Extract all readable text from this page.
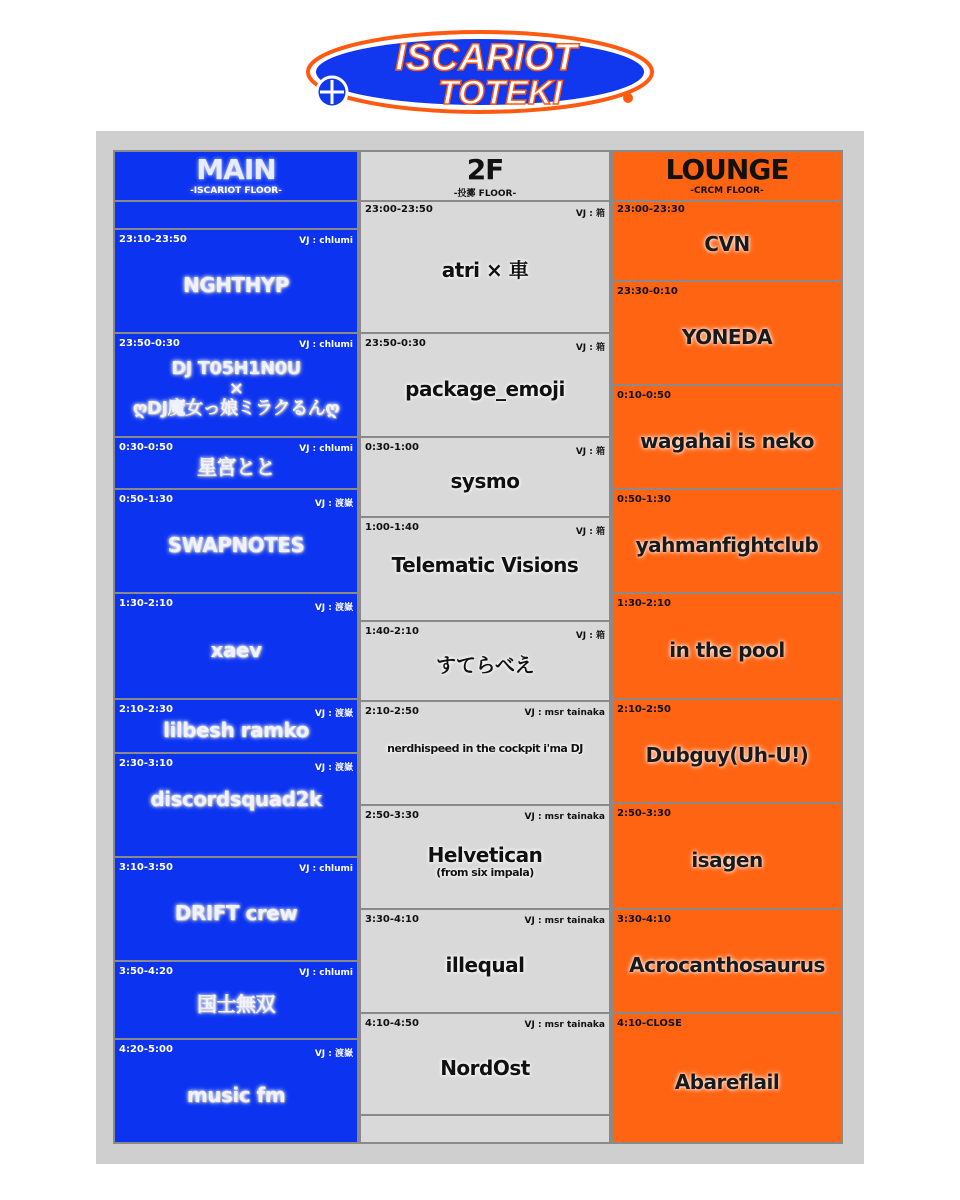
ISCARIOT
TOTEKI
MAIN
-ISCARIOT FLOOR-
23:10-23:50	VJ : chlumi
NGHTHYP
23:50-0:30	VJ : chlumi
DJ T05H1N0U
×
ღDJ魔女っ娘ミラクるんღ
0:30-0:50	VJ : chlumi
星宮とと
0:50-1:30	VJ : 渡嶽
SWAPNOTES
1:30-2:10	VJ : 渡嶽
xaev
2:10-2:30	VJ : 渡嶽
lilbesh ramko
2:30-3:10	VJ : 渡嶽
discordsquad2k
3:10-3:50	VJ : chlumi
DRIFT crew
3:50-4:20	VJ : chlumi
国士無双
4:20-5:00	VJ : 渡嶽
music fm
2F
-投擲 FLOOR-
23:00-23:50	VJ : 箱
atri × 車
23:50-0:30	VJ : 箱
package_emoji
0:30-1:00	VJ : 箱
sysmo
1:00-1:40	VJ : 箱
Telematic Visions
1:40-2:10	VJ : 箱
すてらべえ
2:10-2:50	VJ : msr tainaka
nerdhispeed in the cockpit i'ma DJ
2:50-3:30	VJ : msr tainaka
Helvetican
(from six impala)
3:30-4:10	VJ : msr tainaka
illequal
4:10-4:50	VJ : msr tainaka
NordOst
LOUNGE
-CRCM FLOOR-
23:00-23:30
CVN
23:30-0:10
YONEDA
0:10-0:50
wagahai is neko
0:50-1:30
yahmanfightclub
1:30-2:10
in the pool
2:10-2:50
Dubguy(Uh-U!)
2:50-3:30
isagen
3:30-4:10
Acrocanthosaurus
4:10-CLOSE
Abareflail
